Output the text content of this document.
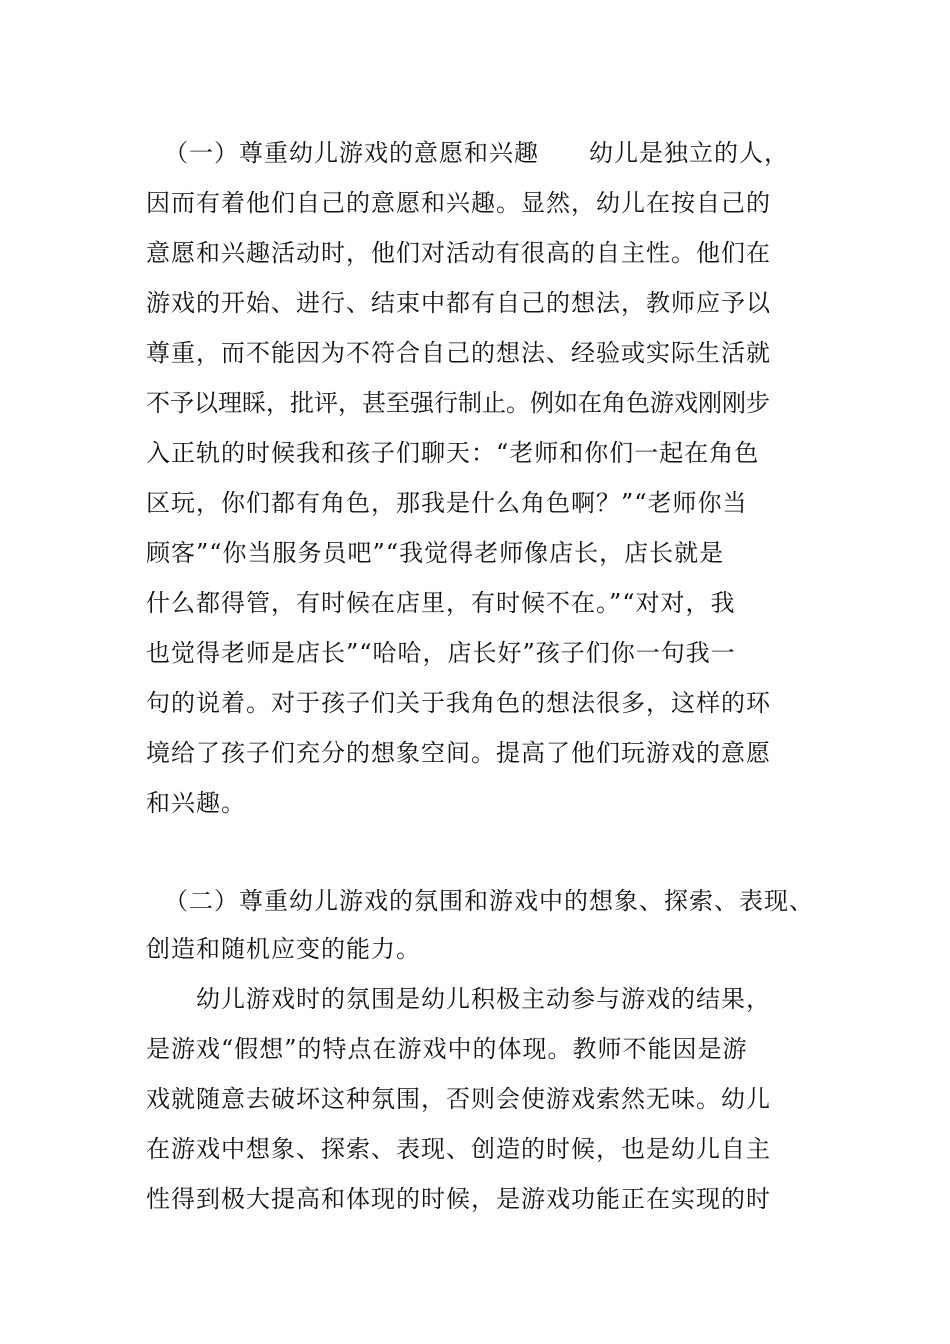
（一）尊重幼儿游戏的意愿和兴趣　　幼儿是独立的人，
因而有着他们自己的意愿和兴趣。显然，幼儿在按自己的
意愿和兴趣活动时，他们对活动有很高的自主性。他们在
游戏的开始、进行、结束中都有自己的想法，教师应予以
尊重，而不能因为不符合自己的想法、经验或实际生活就
不予以理睬，批评，甚至强行制止。例如在角色游戏刚刚步
入正轨的时候我和孩子们聊天：“老师和你们一起在角色
区玩，你们都有角色，那我是什么角色啊？”“老师你当
顾客”“你当服务员吧”“我觉得老师像店长，店长就是
什么都得管，有时候在店里，有时候不在。”“对对，我
也觉得老师是店长”“哈哈，店长好”孩子们你一句我一
句的说着。对于孩子们关于我角色的想法很多，这样的环
境给了孩子们充分的想象空间。提高了他们玩游戏的意愿
和兴趣。
（二）尊重幼儿游戏的氛围和游戏中的想象、探索、表现、
创造和随机应变的能力。
　　幼儿游戏时的氛围是幼儿积极主动参与游戏的结果，
是游戏“假想”的特点在游戏中的体现。教师不能因是游
戏就随意去破坏这种氛围，否则会使游戏索然无味。幼儿
在游戏中想象、探索、表现、创造的时候，也是幼儿自主
性得到极大提高和体现的时候，是游戏功能正在实现的时
